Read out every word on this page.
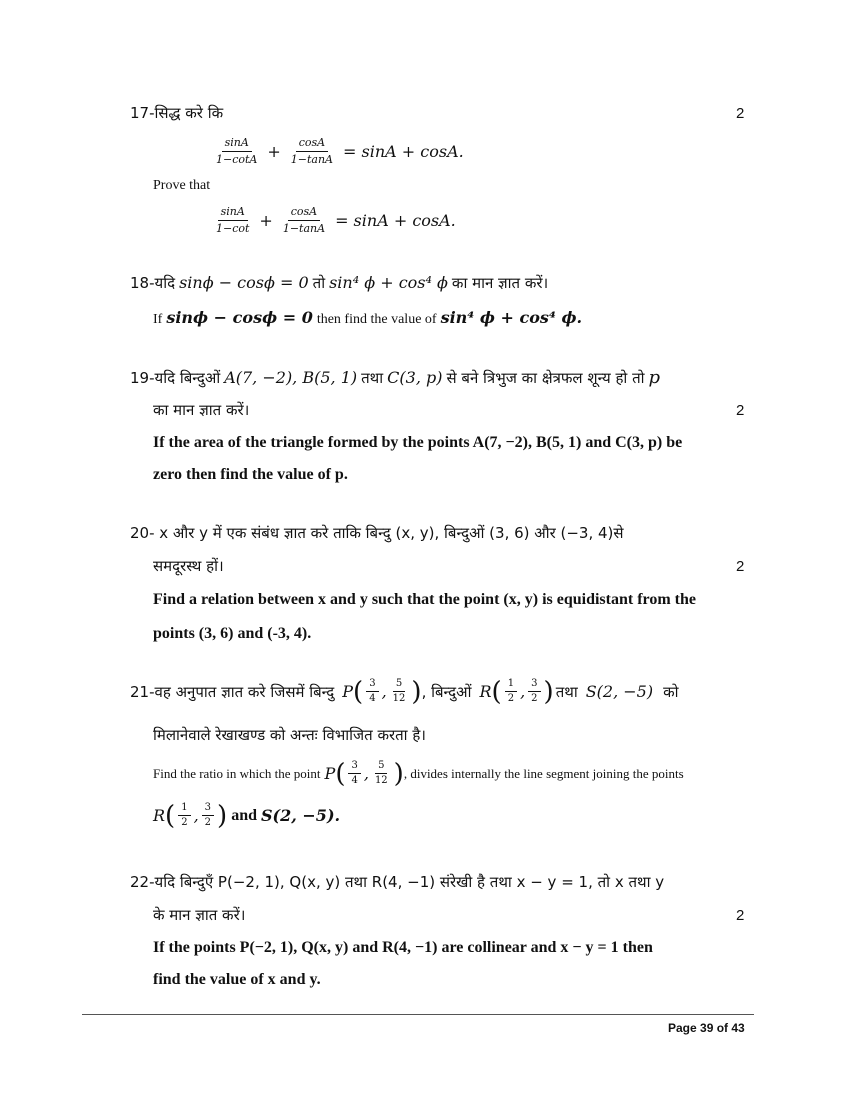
17-सिद्ध करे कि	2
$\frac{\sin A}{1-\cot A} + \frac{\cos A}{1-\tan A} = \sin A + \cos A$.
Prove that
$\frac{\sin A}{1-\cot} + \frac{\cos A}{1-\tan A} = \sin A + \cos A$.
18-यदि sinϕ − cosϕ = 0 तो sin⁴ ϕ + cos⁴ ϕ का मान ज्ञात करें।
If sinϕ − cosϕ = 0 then find the value of sin⁴ ϕ + cos⁴ ϕ.
19-यदि बिन्दुओं A(7, −2), B(5, 1) तथा C(3, p) से बने त्रिभुज का क्षेत्रफल शून्य हो तो p
का मान ज्ञात करें।	2
If the area of the triangle formed by the points A(7, −2), B(5, 1) and C(3, p) be
zero then find the value of p.
20- x और y में एक संबंध ज्ञात करे ताकि बिन्दु (x, y), बिन्दुओं (3, 6) और (−3, 4)से
समदूरस्थ हों।	2
Find a relation between x and y such that the point (x, y) is equidistant from the
points (3, 6) and (-3, 4).
21-वह अनुपात ज्ञात करे जिसमें बिन्दु P ( $\frac{3}{4}$ , $\frac{5}{12}$ ) , बिन्दुओं R ( $\frac{1}{2}$ , $\frac{3}{2}$ ) तथा S(2, −5) को
मिलानेवाले रेखाखण्ड को अन्तः विभाजित करता है।
Find the ratio in which the point P ( $\frac{3}{4}$ , $\frac{5}{12}$ ) , divides internally the line segment joining the points
R ( $\frac{1}{2}$ , $\frac{3}{2}$ ) and S(2, −5).
22-यदि बिन्दुएँ P(−2, 1), Q(x, y) तथा R(4, −1) संरेखी है तथा x − y = 1, तो x तथा y
के मान ज्ञात करें।	2
If the points P(−2, 1), Q(x, y) and R(4, −1) are collinear and x − y = 1 then
find the value of x and y.
Page 39 of 43
